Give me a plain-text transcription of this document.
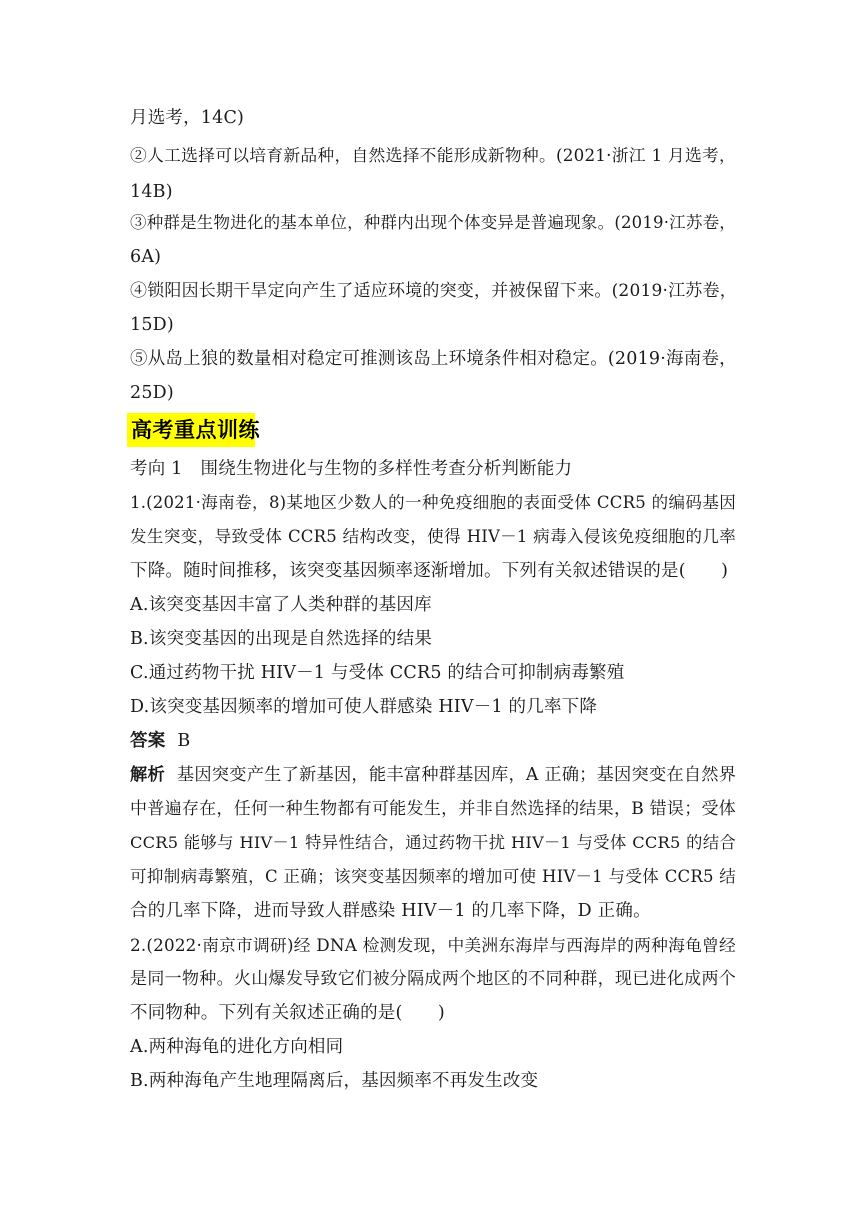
月选考，14C)
②人工选择可以培育新品种，自然选择不能形成新物种。(2021·浙江 1 月选考，
14B)
③种群是生物进化的基本单位，种群内出现个体变异是普遍现象。(2019·江苏卷，
6A)
④锁阳因长期干旱定向产生了适应环境的突变，并被保留下来。(2019·江苏卷，
15D)
⑤从岛上狼的数量相对稳定可推测该岛上环境条件相对稳定。(2019·海南卷，
25D)
高考重点训练
考向 1 围绕生物进化与生物的多样性考查分析判断能力
1.(2021·海南卷，8)某地区少数人的一种免疫细胞的表面受体 CCR5 的编码基因
发生突变，导致受体 CCR5 结构改变，使得 HIV－1 病毒入侵该免疫细胞的几率
下降。随时间推移，该突变基因频率逐渐增加。下列有关叙述错误的是(　　)
A.该突变基因丰富了人类种群的基因库
B.该突变基因的出现是自然选择的结果
C.通过药物干扰 HIV－1 与受体 CCR5 的结合可抑制病毒繁殖
D.该突变基因频率的增加可使人群感染 HIV－1 的几率下降
答案 B
解析 基因突变产生了新基因，能丰富种群基因库，A 正确；基因突变在自然界
中普遍存在，任何一种生物都有可能发生，并非自然选择的结果，B 错误；受体
CCR5 能够与 HIV－1 特异性结合，通过药物干扰 HIV－1 与受体 CCR5 的结合
可抑制病毒繁殖，C 正确；该突变基因频率的增加可使 HIV－1 与受体 CCR5 结
合的几率下降，进而导致人群感染 HIV－1 的几率下降，D 正确。
2.(2022·南京市调研)经 DNA 检测发现，中美洲东海岸与西海岸的两种海龟曾经
是同一物种。火山爆发导致它们被分隔成两个地区的不同种群，现已进化成两个
不同物种。下列有关叙述正确的是(　　)
A.两种海龟的进化方向相同
B.两种海龟产生地理隔离后，基因频率不再发生改变
